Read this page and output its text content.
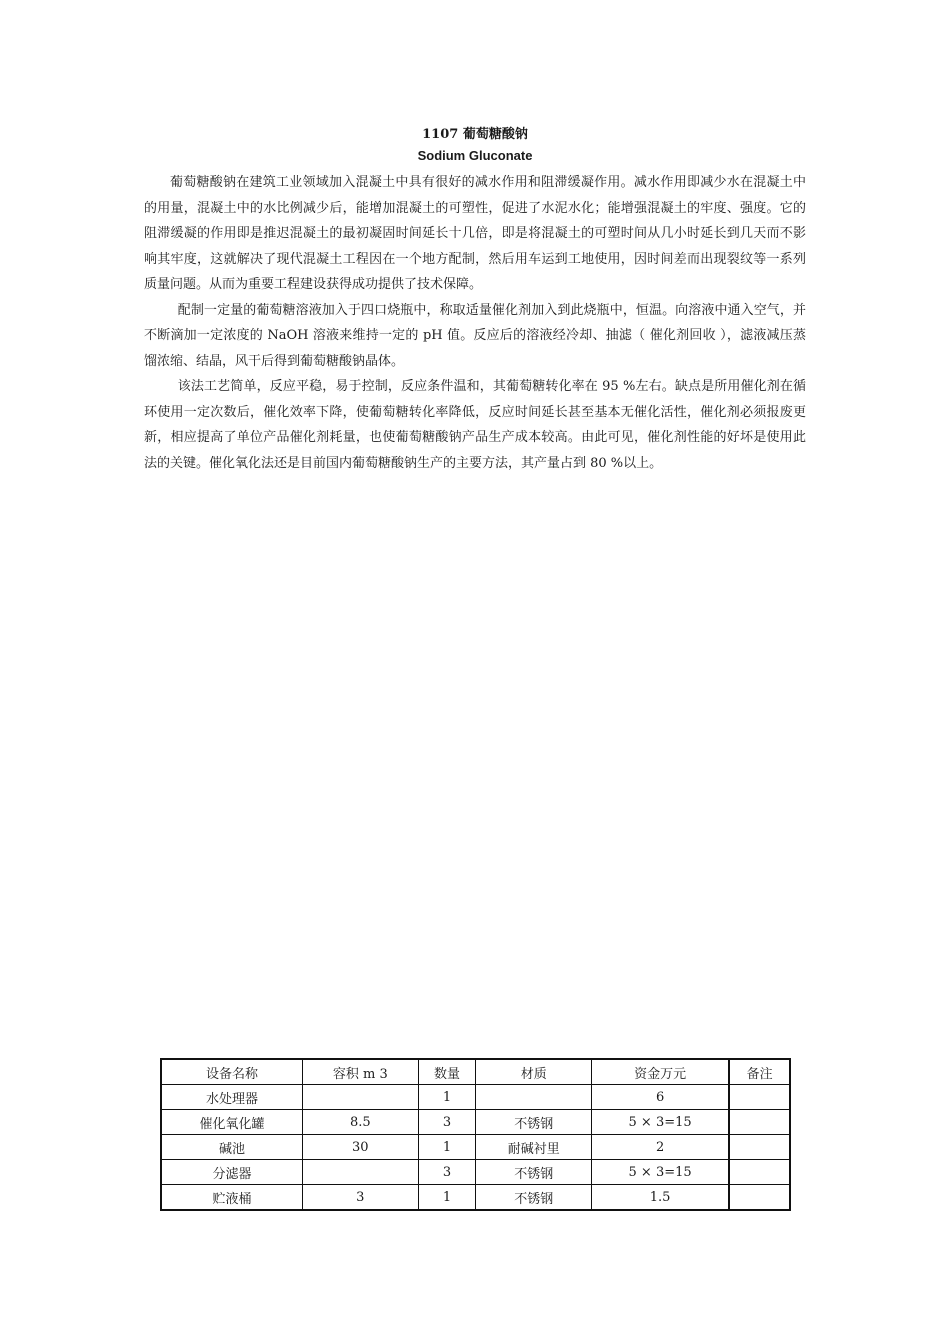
1107 葡萄糖酸钠
Sodium Gluconate

葡萄糖酸钠在建筑工业领域加入混凝土中具有很好的减水作用和阻滞缓凝作用。减水作用即减少水在混凝土中的用量，混凝土中的水比例减少后，能增加混凝土的可塑性，促进了水泥水化；能增强混凝土的牢度、强度。它的阻滞缓凝的作用即是推迟混凝土的最初凝固时间延长十几倍，即是将混凝土的可塑时间从几小时延长到几天而不影响其牢度，这就解决了现代混凝土工程因在一个地方配制，然后用车运到工地使用，因时间差而出现裂纹等一系列质量问题。从而为重要工程建设获得成功提供了技术保障。

配制一定量的葡萄糖溶液加入于四口烧瓶中，称取适量催化剂加入到此烧瓶中，恒温。向溶液中通入空气，并不断滴加一定浓度的 NaOH 溶液来维持一定的 pH 值。反应后的溶液经冷却、抽滤（ 催化剂回收 ），滤液减压蒸馏浓缩、结晶，风干后得到葡萄糖酸钠晶体。

该法工艺简单，反应平稳，易于控制，反应条件温和，其葡萄糖转化率在 95 %左右。缺点是所用催化剂在循环使用一定次数后，催化效率下降，使葡萄糖转化率降低，反应时间延长甚至基本无催化活性，催化剂必须报废更新，相应提高了单位产品催化剂耗量，也使葡萄糖酸钠产品生产成本较高。由此可见，催化剂性能的好坏是使用此法的关键。催化氧化法还是目前国内葡萄糖酸钠生产的主要方法，其产量占到 80 %以上。

设备名称	容积 m 3	数量	材质	资金万元	备注
水处理器		1		6	
催化氧化罐	8.5	3	不锈钢	5 × 3=15	
碱池	30	1	耐碱衬里	2	
分滤器		3	不锈钢	5 × 3=15	
贮液桶	3	1	不锈钢	1.5	
